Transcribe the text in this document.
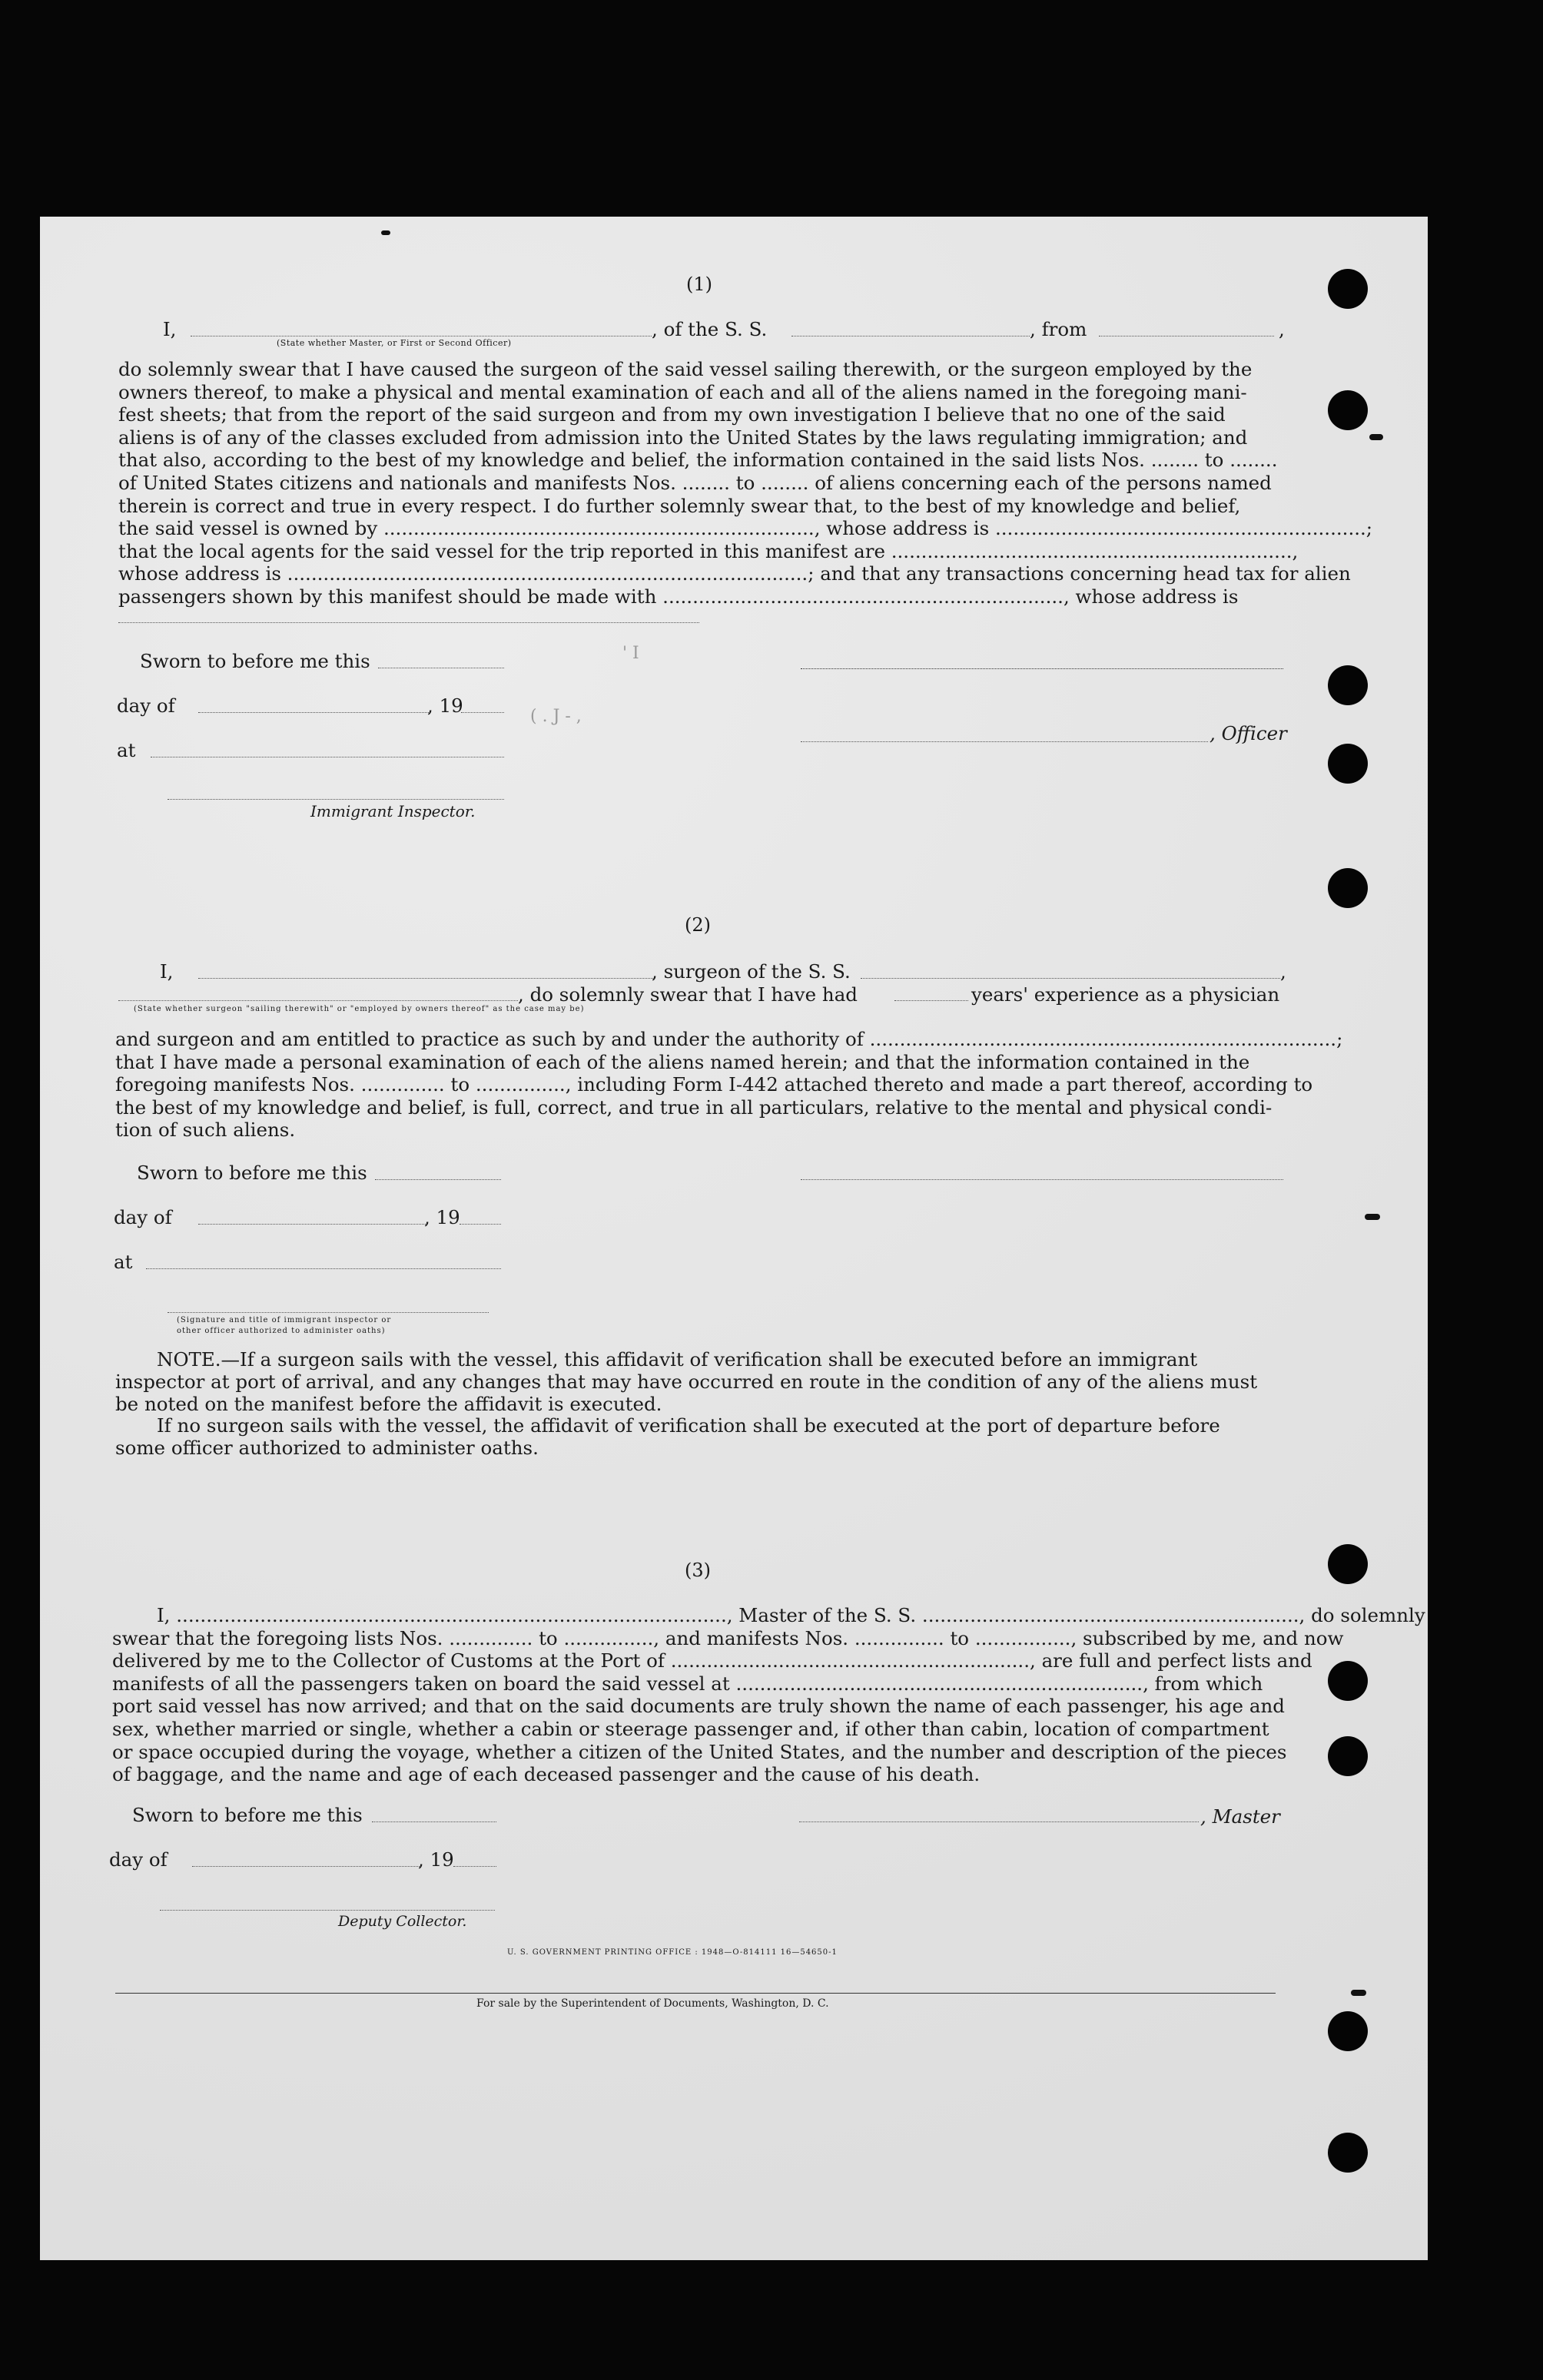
(1)
I,	, of the S. S.	, from	,
(State whether Master, or First or Second Officer)
do solemnly swear that I have caused the surgeon of the said vessel sailing therewith, or the surgeon employed by the
owners thereof, to make a physical and mental examination of each and all of the aliens named in the foregoing mani-
fest sheets; that from the report of the said surgeon and from my own investigation I believe that no one of the said
aliens is of any of the classes excluded from admission into the United States by the laws regulating immigration; and
that also, according to the best of my knowledge and belief, the information contained in the said lists Nos. ........ to ........
of United States citizens and nationals and manifests Nos. ........ to ........ of aliens concerning each of the persons named
therein is correct and true in every respect. I do further solemnly swear that, to the best of my knowledge and belief,
the said vessel is owned by ........................................................................, whose address is ..............................................................;
that the local agents for the said vessel for the trip reported in this manifest are ...................................................................,
whose address is .......................................................................................; and that any transactions concerning head tax for alien
passengers shown by this manifest should be made with ..................................................................., whose address is
Sworn to before me this
day of	, 19
at
, Officer
Immigrant Inspector.
' I
( . J - ,
(2)
I,	, surgeon of the S. S.	,
, do solemnly swear that I have had	years' experience as a physician
(State whether surgeon "sailing therewith" or "employed by owners thereof" as the case may be)
and surgeon and am entitled to practice as such by and under the authority of ..............................................................................;
that I have made a personal examination of each of the aliens named herein; and that the information contained in the
foregoing manifests Nos. .............. to ..............., including Form I-442 attached thereto and made a part thereof, according to
the best of my knowledge and belief, is full, correct, and true in all particulars, relative to the mental and physical condi-
tion of such aliens.
Sworn to before me this
day of	, 19
at
(Signature and title of immigrant inspector or
other officer authorized to administer oaths)
NOTE.—If a surgeon sails with the vessel, this affidavit of verification shall be executed before an immigrant
inspector at port of arrival, and any changes that may have occurred en route in the condition of any of the aliens must
be noted on the manifest before the affidavit is executed.
If no surgeon sails with the vessel, the affidavit of verification shall be executed at the port of departure before
some officer authorized to administer oaths.
(3)
I, ............................................................................................, Master of the S. S. ..............................................................., do solemnly
swear that the foregoing lists Nos. .............. to ..............., and manifests Nos. ............... to ................, subscribed by me, and now
delivered by me to the Collector of Customs at the Port of ............................................................, are full and perfect lists and
manifests of all the passengers taken on board the said vessel at ...................................................................., from which
port said vessel has now arrived; and that on the said documents are truly shown the name of each passenger, his age and
sex, whether married or single, whether a cabin or steerage passenger and, if other than cabin, location of compartment
or space occupied during the voyage, whether a citizen of the United States, and the number and description of the pieces
of baggage, and the name and age of each deceased passenger and the cause of his death.
Sworn to before me this	, Master
day of	, 19
Deputy Collector.
U. S. GOVERNMENT PRINTING OFFICE : 1948—O-814111 16—54650-1
For sale by the Superintendent of Documents, Washington, D. C.
